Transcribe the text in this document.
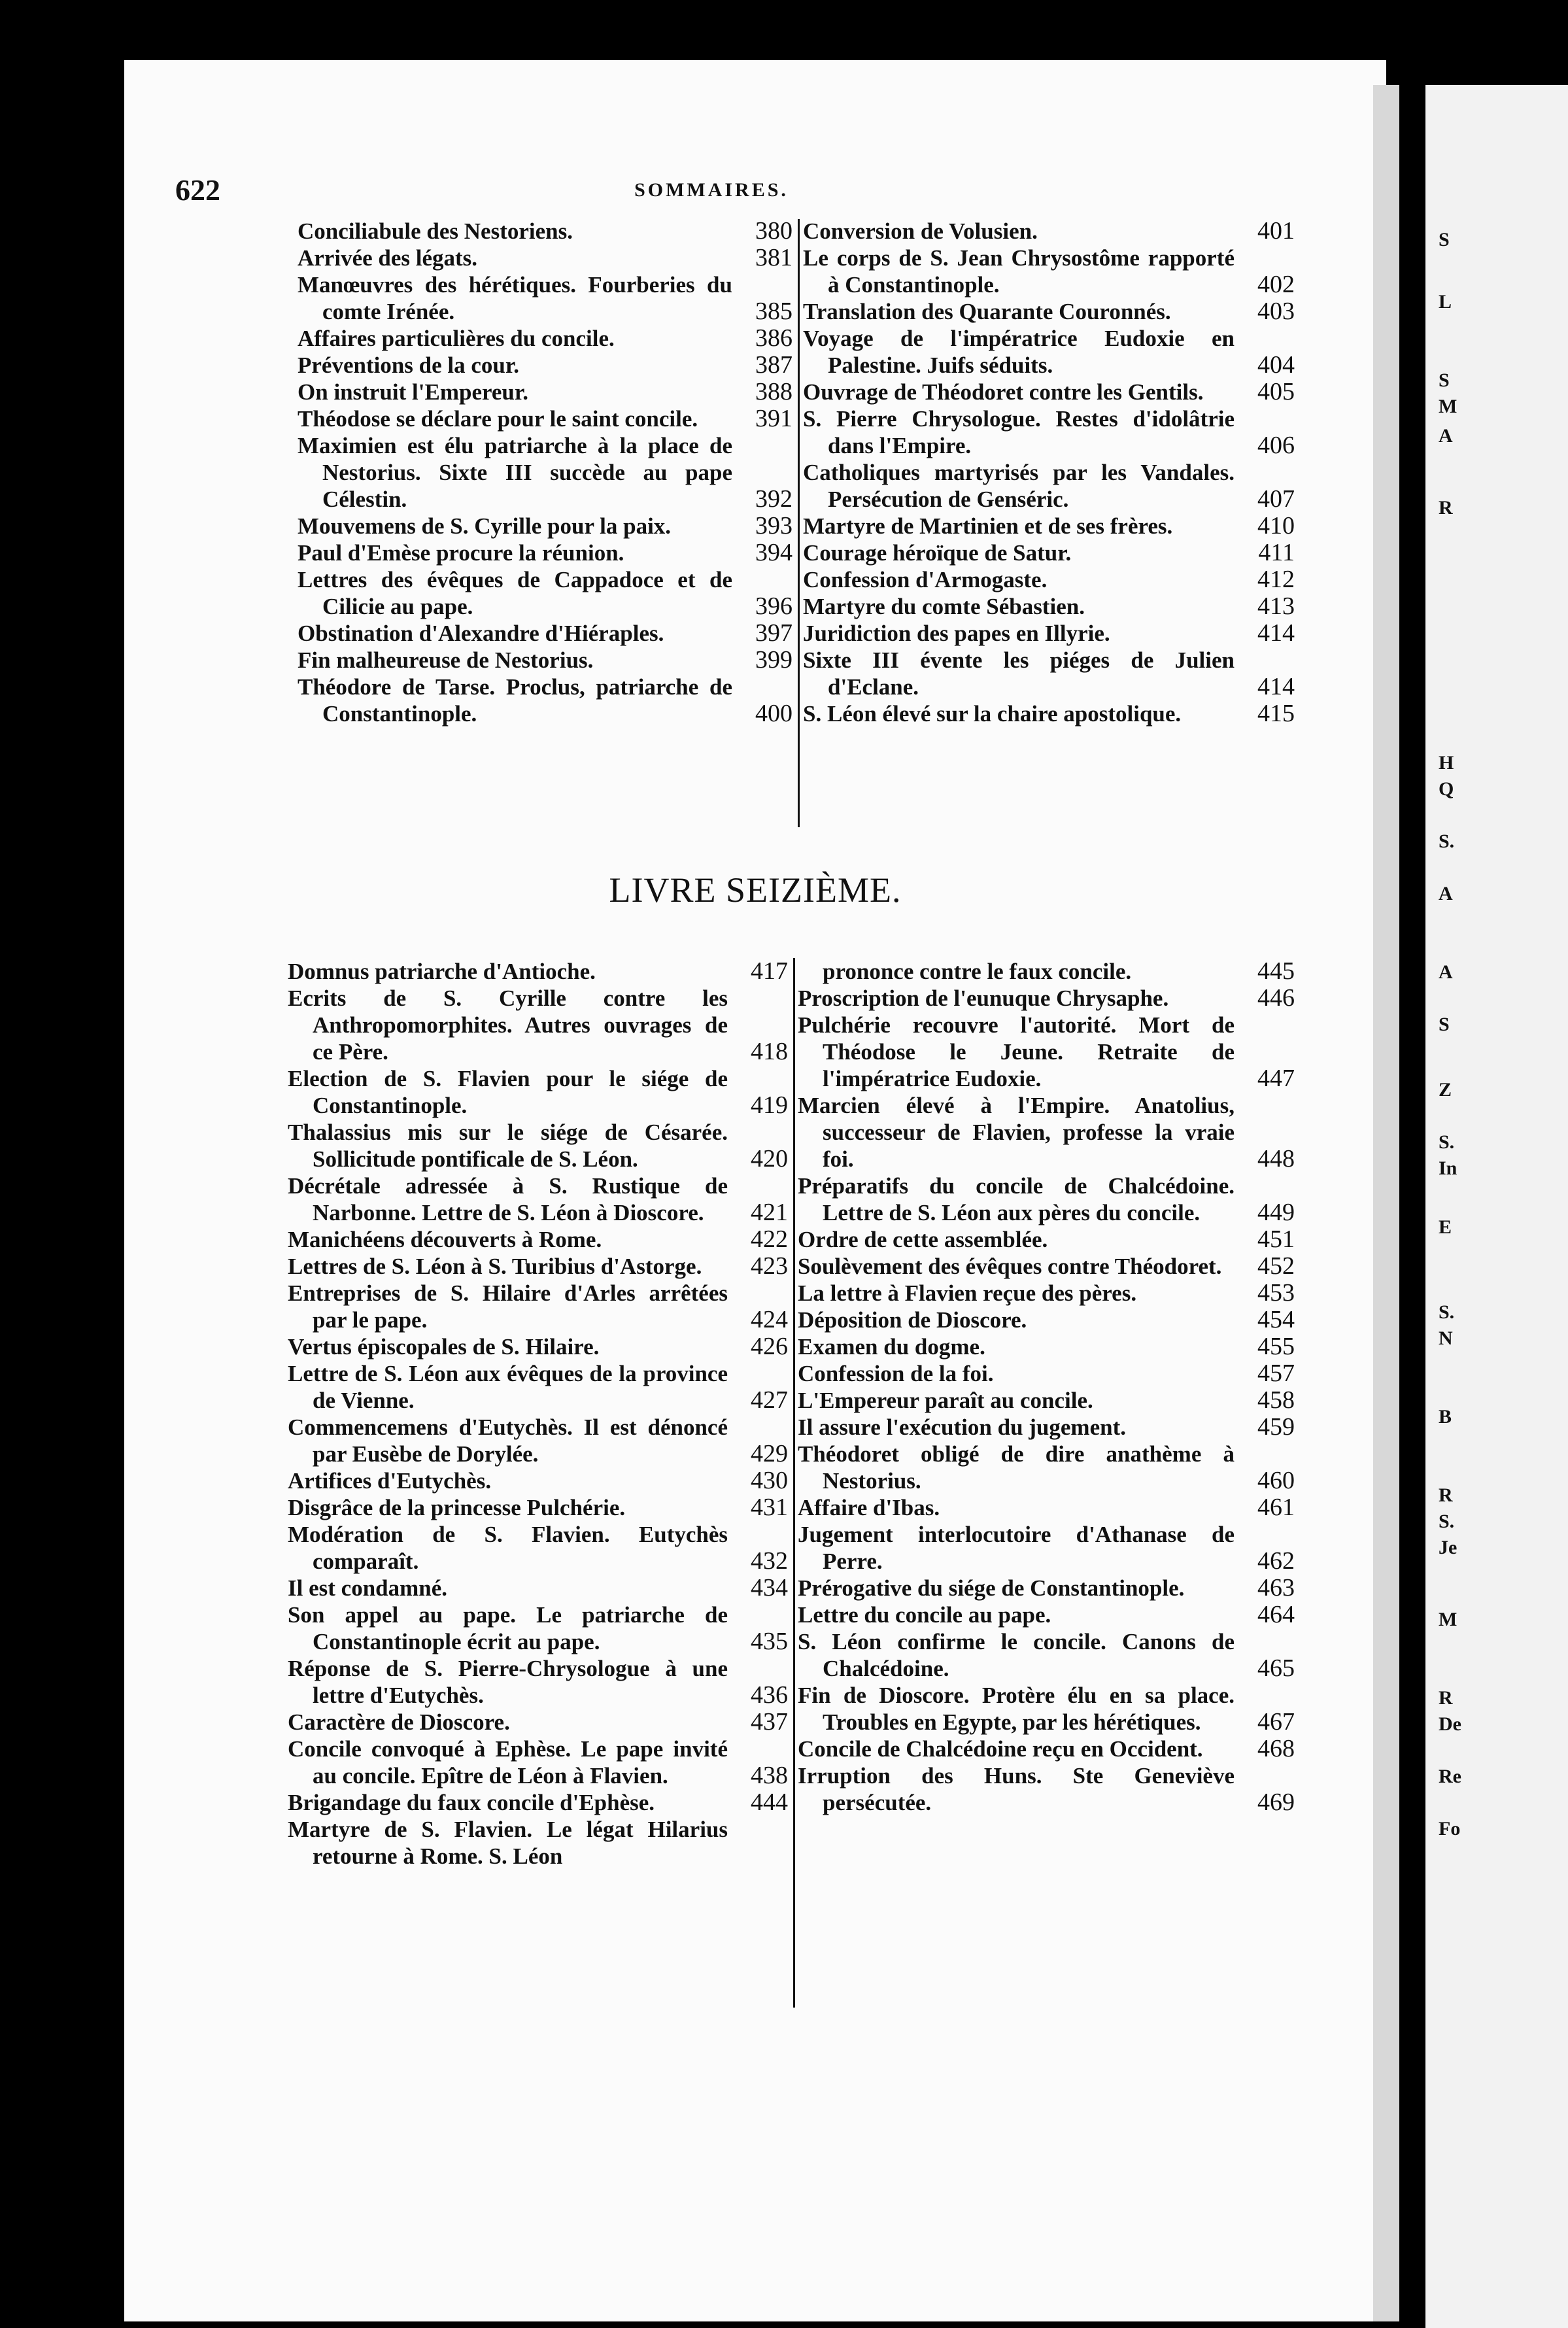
S
L
S
M
A
R
H
Q
S.
A
A
S
Z
S.
In
E
S.
N
B
R
S.
Je
M
R
De
Re
Fo
622	SOMMAIRES.
Conciliabule des Nestoriens.	380
Arrivée des légats.	381
Manœuvres des hérétiques. Fourberies du comte Irénée.	385
Affaires particulières du concile.	386
Préventions de la cour.	387
On instruit l'Empereur.	388
Théodose se déclare pour le saint concile.	391
Maximien est élu patriarche à la place de Nestorius. Sixte III succède au pape Célestin.	392
Mouvemens de S. Cyrille pour la paix.	393
Paul d'Emèse procure la réunion.	394
Lettres des évêques de Cappadoce et de Cilicie au pape.	396
Obstination d'Alexandre d'Hiéraples.	397
Fin malheureuse de Nestorius.	399
Théodore de Tarse. Proclus, patriarche de Constantinople.	400
Conversion de Volusien.	401
Le corps de S. Jean Chrysostôme rapporté à Constantinople.	402
Translation des Quarante Couronnés.	403
Voyage de l'impératrice Eudoxie en Palestine. Juifs séduits.	404
Ouvrage de Théodoret contre les Gentils.	405
S. Pierre Chrysologue. Restes d'idolâtrie dans l'Empire.	406
Catholiques martyrisés par les Vandales. Persécution de Genséric.	407
Martyre de Martinien et de ses frères.	410
Courage héroïque de Satur.	411
Confession d'Armogaste.	412
Martyre du comte Sébastien.	413
Juridiction des papes en Illyrie.	414
Sixte III évente les piéges de Julien d'Eclane.	414
S. Léon élevé sur la chaire apostolique.	415
LIVRE SEIZIÈME.
Domnus patriarche d'Antioche.	417
Ecrits de S. Cyrille contre les Anthropomorphites. Autres ouvrages de ce Père.	418
Election de S. Flavien pour le siége de Constantinople.	419
Thalassius mis sur le siége de Césarée. Sollicitude pontificale de S. Léon.	420
Décrétale adressée à S. Rustique de Narbonne. Lettre de S. Léon à Dioscore.	421
Manichéens découverts à Rome.	422
Lettres de S. Léon à S. Turibius d'Astorge.	423
Entreprises de S. Hilaire d'Arles arrêtées par le pape.	424
Vertus épiscopales de S. Hilaire.	426
Lettre de S. Léon aux évêques de la province de Vienne.	427
Commencemens d'Eutychès. Il est dénoncé par Eusèbe de Dorylée.	429
Artifices d'Eutychès.	430
Disgrâce de la princesse Pulchérie.	431
Modération de S. Flavien. Eutychès comparaît.	432
Il est condamné.	434
Son appel au pape. Le patriarche de Constantinople écrit au pape.	435
Réponse de S. Pierre-Chrysologue à une lettre d'Eutychès.	436
Caractère de Dioscore.	437
Concile convoqué à Ephèse. Le pape invité au concile. Epître de Léon à Flavien.	438
Brigandage du faux concile d'Ephèse.	444
Martyre de S. Flavien. Le légat Hilarius retourne à Rome. S. Léon
prononce contre le faux concile.	445
Proscription de l'eunuque Chrysaphe.	446
Pulchérie recouvre l'autorité. Mort de Théodose le Jeune. Retraite de l'impératrice Eudoxie.	447
Marcien élevé à l'Empire. Anatolius, successeur de Flavien, professe la vraie foi.	448
Préparatifs du concile de Chalcédoine. Lettre de S. Léon aux pères du concile.	449
Ordre de cette assemblée.	451
Soulèvement des évêques contre Théodoret.	452
La lettre à Flavien reçue des pères.	453
Déposition de Dioscore.	454
Examen du dogme.	455
Confession de la foi.	457
L'Empereur paraît au concile.	458
Il assure l'exécution du jugement.	459
Théodoret obligé de dire anathème à Nestorius.	460
Affaire d'Ibas.	461
Jugement interlocutoire d'Athanase de Perre.	462
Prérogative du siége de Constantinople.	463
Lettre du concile au pape.	464
S. Léon confirme le concile. Canons de Chalcédoine.	465
Fin de Dioscore. Protère élu en sa place. Troubles en Egypte, par les hérétiques.	467
Concile de Chalcédoine reçu en Occident.	468
Irruption des Huns. Ste Geneviève persécutée.	469
